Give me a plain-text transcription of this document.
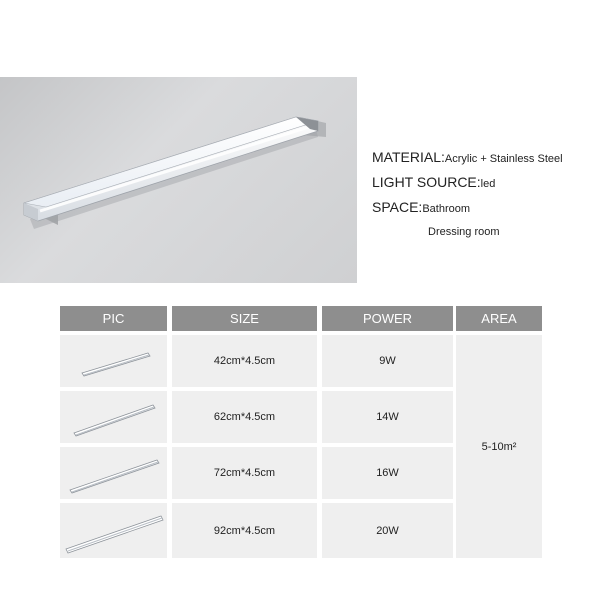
MATERIAL:Acrylic + Stainless Steel
LIGHT SOURCE:led
SPACE:Bathroom
Dressing room
PIC	SIZE	POWER	AREA
42cm*4.5cm	9W
62cm*4.5cm	14W
72cm*4.5cm	16W
92cm*4.5cm	20W
5-10m²
